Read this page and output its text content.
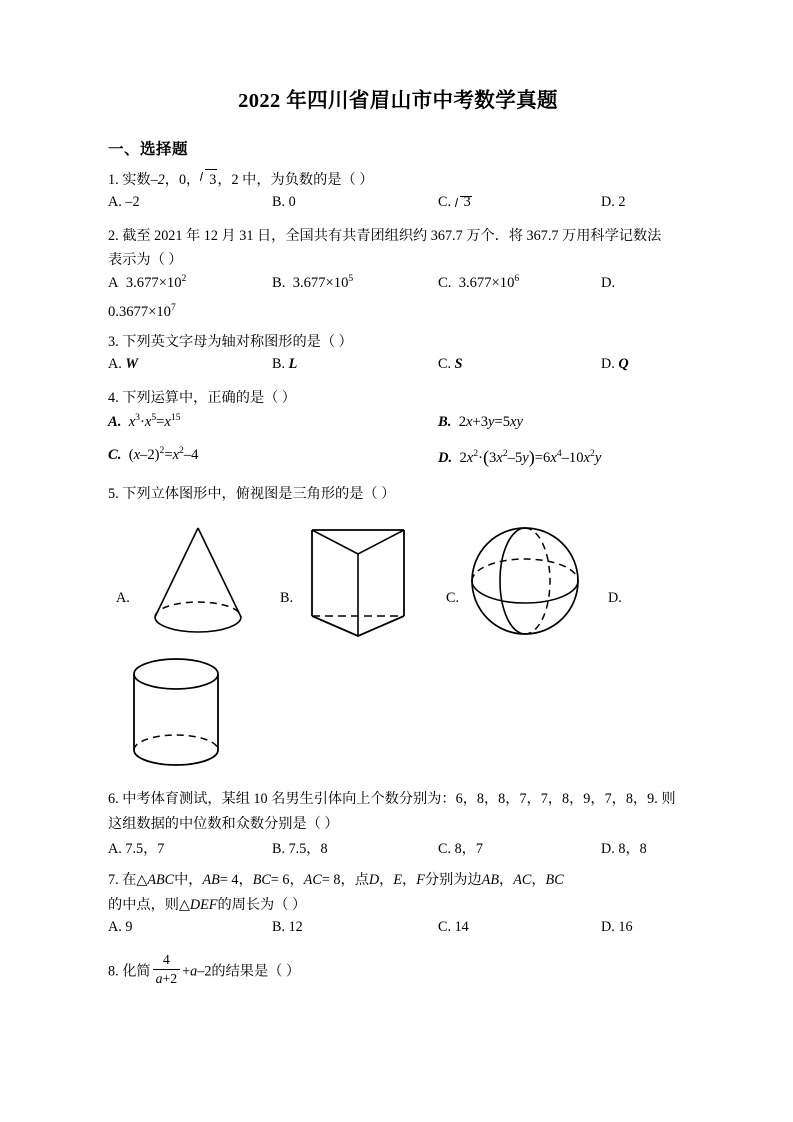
2022 年四川省眉山市中考数学真题
一、选择题

1. 实数–2，0， 3，2 中，为负数的是（ ）

A. –2	B. 0	C. 3	D. 2

2. 截至 2021 年 12 月 31 日，全国共有共青团组织约 367.7 万个．将 367.7 万用科学记数法

表示为（ ）

A $3.677\times 10^2$	B. $3.677\times 10^5$	C. $3.677\times 10^6$	D.

$0.3677\times 10^7$

3. 下列英文字母为轴对称图形的是（ ）

A. W	B. L	C. S	D. Q

4. 下列运算中，正确的是（ ）

A. $x^3\cdot x^5=x^{15}$	B. 2x+3y=5xy
C. $(x-2)^2=x^2-4$	D. $2x^2\cdot(3x^2-5y)=6x^4-10x^2y$

5. 下列立体图形中，俯视图是三角形的是（ ）

A.	B.	C.	D.

6. 中考体育测试，某组 10 名男生引体向上个数分别为：6，8，8，7，7，8，9，7，8，9. 则

这组数据的中位数和众数分别是（ ）

A. 7.5，7	B. 7.5，8	C. 8，7	D. 8，8

7. 在△ABC中，AB= 4，BC= 6，AC= 8，点D，E，F分别为边AB，AC，BC

的中点，则△DEF的周长为（ ）

A. 9	B. 12	C. 14	D. 16

8. 化简 $\frac{4}{a+2} +a-2$的结果是（ ）
